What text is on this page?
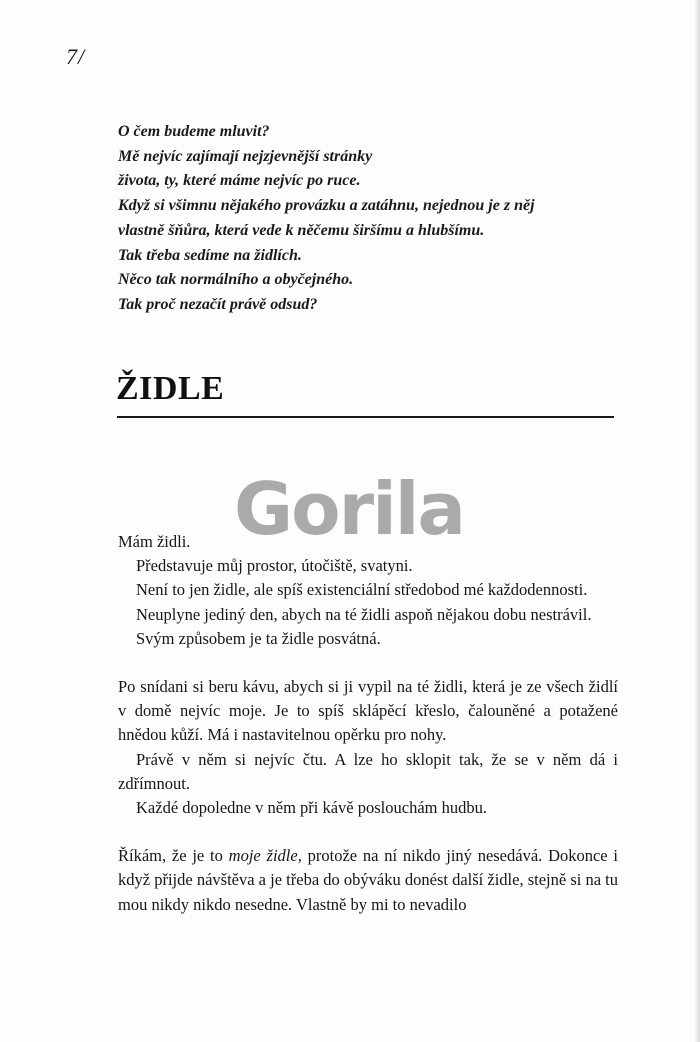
7/
O čem budeme mluvit?
Mě nejvíc zajímají nejzjevnější stránky
života, ty, které máme nejvíc po ruce.
Když si všimnu nějakého provázku a zatáhnu, nejednou je z něj
vlastně šňůra, která vede k něčemu širšímu a hlubšímu.
Tak třeba sedíme na židlích.
Něco tak normálního a obyčejného.
Tak proč nezačít právě odsud?
ŽIDLE

Mám židli.

Představuje můj prostor, útočiště, svatyni.

Není to jen židle, ale spíš existenciální středobod mé každodennosti.

Neuplyne jediný den, abych na té židli aspoň nějakou dobu nestrávil.

Svým způsobem je ta židle posvátná.

Po snídani si beru kávu, abych si ji vypil na té židli, která je ze všech židlí v domě nejvíc moje. Je to spíš sklápěcí křeslo, čalouněné a potažené hnědou kůží. Má i nastavitelnou opěrku pro nohy.

Právě v něm si nejvíc čtu. A lze ho sklopit tak, že se v něm dá i zdřímnout.

Každé dopoledne v něm při kávě poslouchám hudbu.

Říkám, že je to moje židle, protože na ní nikdo jiný nesedává. Dokonce i když přijde návštěva a je třeba do obýváku donést další židle, stejně si na tu mou nikdy nikdo nesedne. Vlastně by mi to nevadilo

Gorila
